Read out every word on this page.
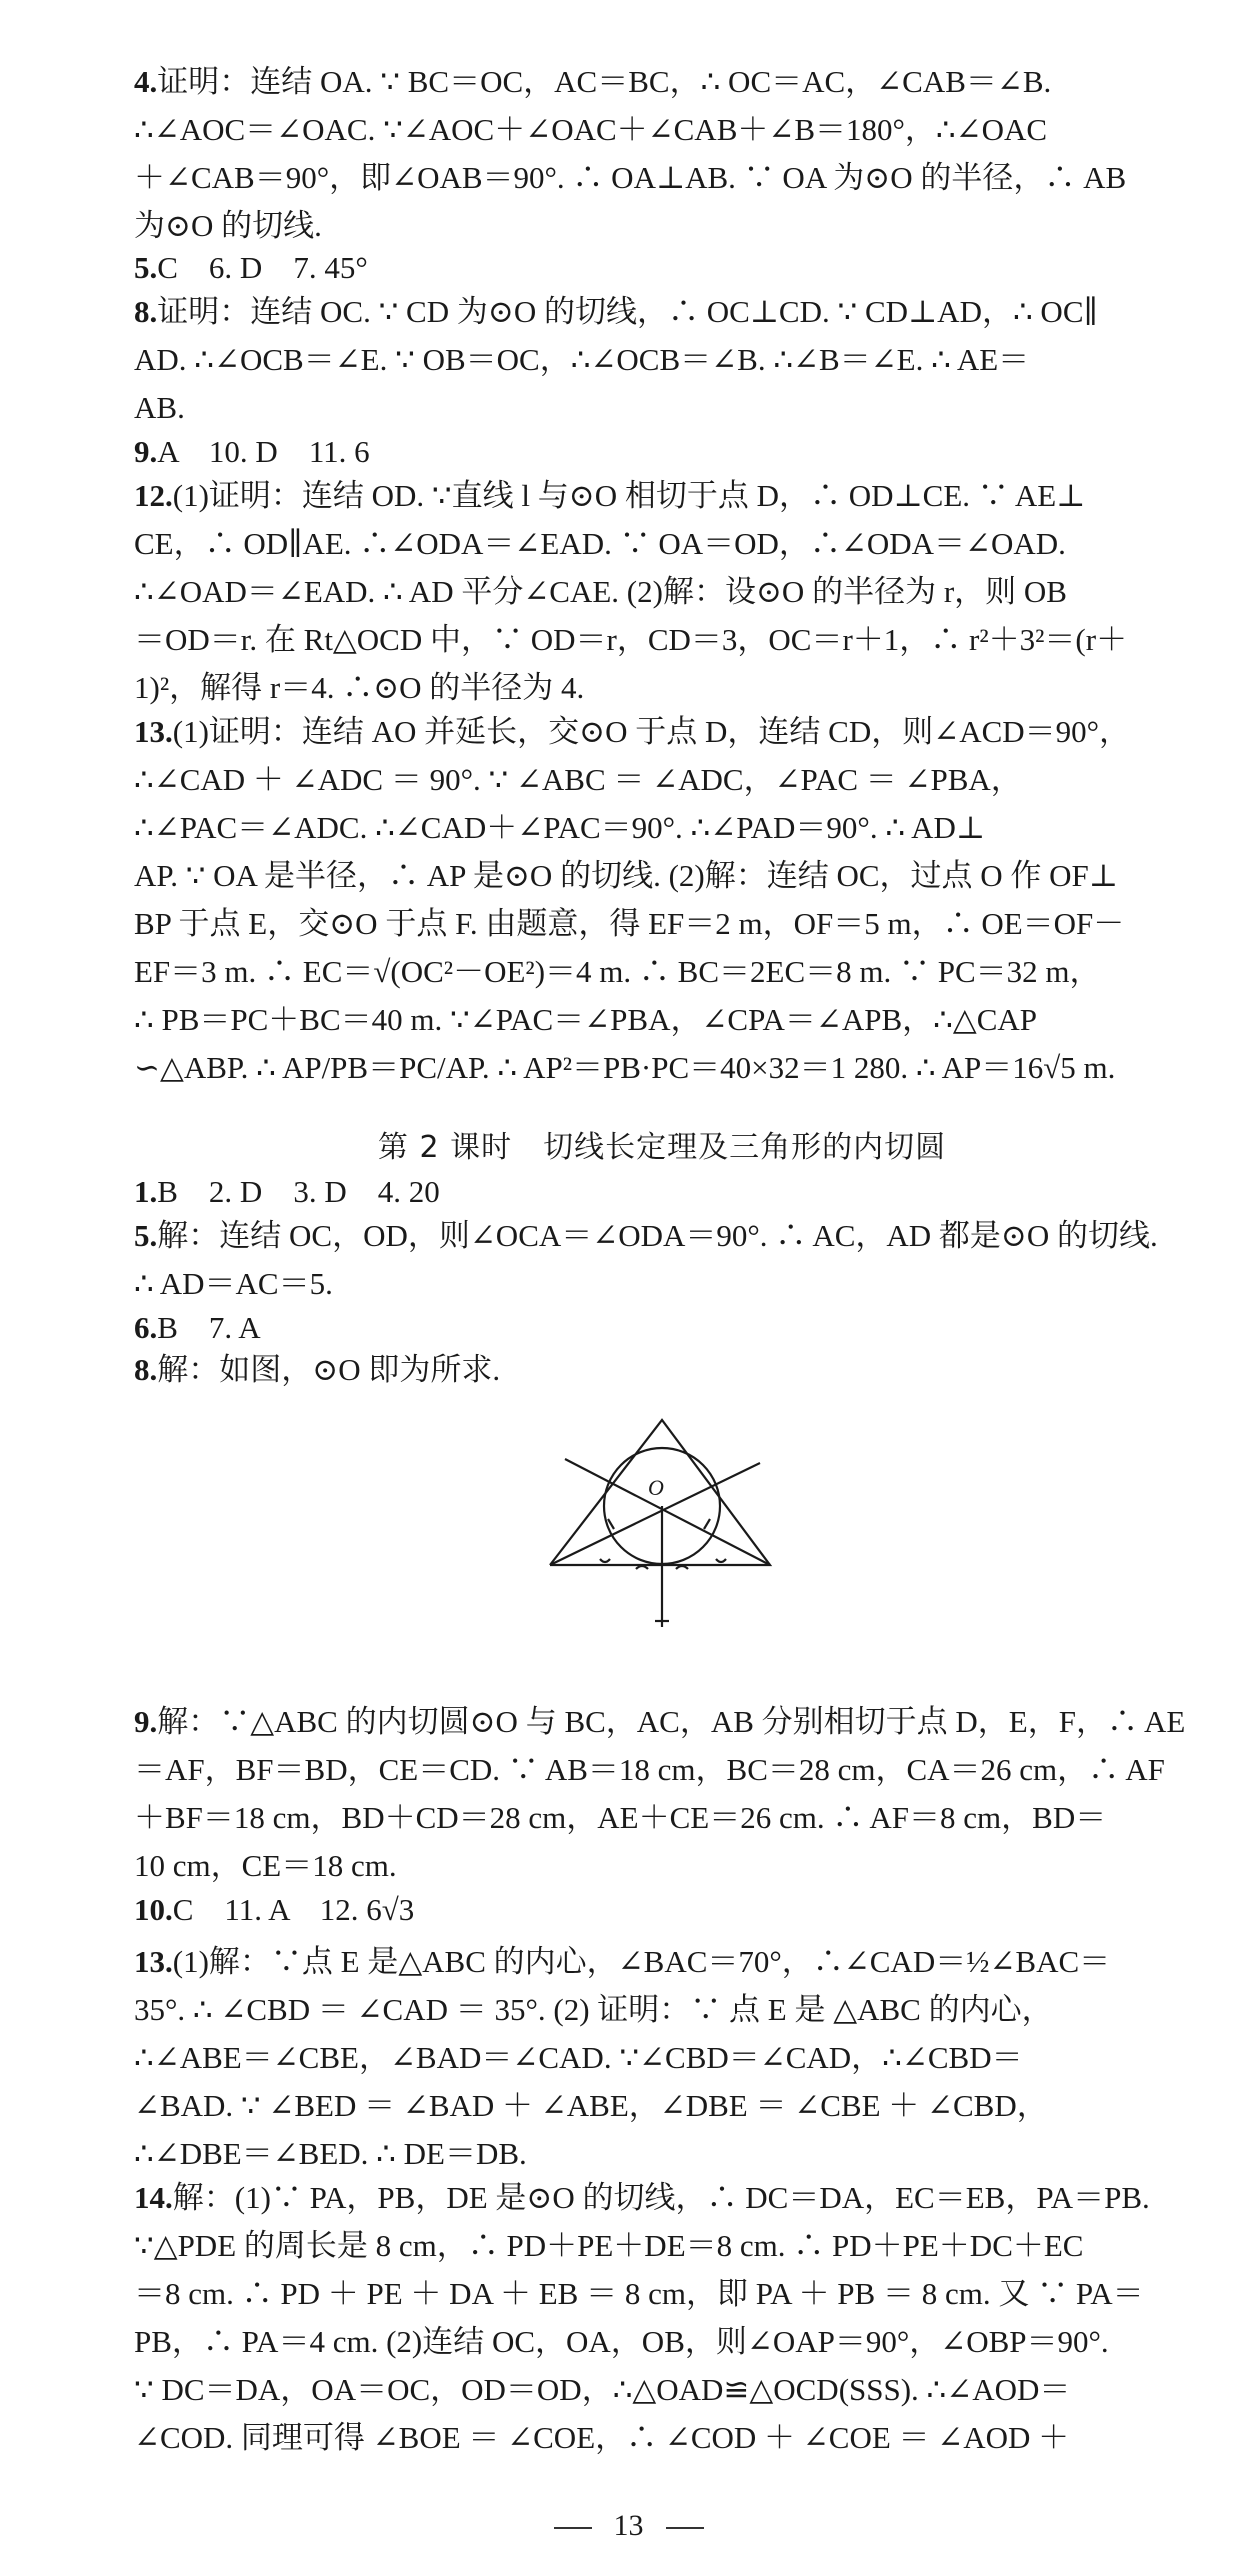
4.证明：连结 OA. ∵ BC＝OC，AC＝BC，∴ OC＝AC，∠CAB＝∠B.
∴∠AOC＝∠OAC. ∵∠AOC＋∠OAC＋∠CAB＋∠B＝180°，∴∠OAC
＋∠CAB＝90°，即∠OAB＝90°. ∴ OA⊥AB. ∵ OA 为⊙O 的半径，∴ AB
为⊙O 的切线.
5.C　6. D　7. 45°
8.证明：连结 OC. ∵ CD 为⊙O 的切线，∴ OC⊥CD. ∵ CD⊥AD，∴ OC∥
AD. ∴∠OCB＝∠E. ∵ OB＝OC，∴∠OCB＝∠B. ∴∠B＝∠E. ∴ AE＝
AB.
9.A　10. D　11. 6
12.(1)证明：连结 OD. ∵直线 l 与⊙O 相切于点 D，∴ OD⊥CE. ∵ AE⊥
CE，∴ OD∥AE. ∴∠ODA＝∠EAD. ∵ OA＝OD，∴∠ODA＝∠OAD.
∴∠OAD＝∠EAD. ∴ AD 平分∠CAE. (2)解：设⊙O 的半径为 r，则 OB
＝OD＝r. 在 Rt△OCD 中，∵ OD＝r，CD＝3，OC＝r＋1，∴ r²＋3²＝(r＋
1)²，解得 r＝4. ∴⊙O 的半径为 4.
13.(1)证明：连结 AO 并延长，交⊙O 于点 D，连结 CD，则∠ACD＝90°，
∴∠CAD ＋ ∠ADC ＝ 90°. ∵ ∠ABC ＝ ∠ADC，∠PAC ＝ ∠PBA，
∴∠PAC＝∠ADC. ∴∠CAD＋∠PAC＝90°. ∴∠PAD＝90°. ∴ AD⊥
AP. ∵ OA 是半径，∴ AP 是⊙O 的切线. (2)解：连结 OC，过点 O 作 OF⊥
BP 于点 E，交⊙O 于点 F. 由题意，得 EF＝2 m，OF＝5 m，∴ OE＝OF－
EF＝3 m. ∴ EC＝√(OC²－OE²)＝4 m. ∴ BC＝2EC＝8 m. ∵ PC＝32 m，
∴ PB＝PC＋BC＝40 m. ∵∠PAC＝∠PBA，∠CPA＝∠APB，∴△CAP
∽△ABP. ∴ AP/PB＝PC/AP. ∴ AP²＝PB·PC＝40×32＝1 280. ∴ AP＝16√5 m.
1.B　2. D　3. D　4. 20
5.解：连结 OC，OD，则∠OCA＝∠ODA＝90°. ∴ AC，AD 都是⊙O 的切线.
∴ AD＝AC＝5.
6.B　7. A
8.解：如图，⊙O 即为所求.
9.解：∵△ABC 的内切圆⊙O 与 BC，AC，AB 分别相切于点 D，E，F，∴ AE
＝AF，BF＝BD，CE＝CD. ∵ AB＝18 cm，BC＝28 cm，CA＝26 cm，∴ AF
＋BF＝18 cm，BD＋CD＝28 cm，AE＋CE＝26 cm. ∴ AF＝8 cm，BD＝
10 cm，CE＝18 cm.
10.C　11. A　12. 6√3
13.(1)解：∵点 E 是△ABC 的内心，∠BAC＝70°，∴∠CAD＝½∠BAC＝
35°. ∴ ∠CBD ＝ ∠CAD ＝ 35°. (2) 证明：∵ 点 E 是 △ABC 的内心，
∴∠ABE＝∠CBE，∠BAD＝∠CAD. ∵∠CBD＝∠CAD，∴∠CBD＝
∠BAD. ∵ ∠BED ＝ ∠BAD ＋ ∠ABE，∠DBE ＝ ∠CBE ＋ ∠CBD，
∴∠DBE＝∠BED. ∴ DE＝DB.
14.解：(1)∵ PA，PB，DE 是⊙O 的切线，∴ DC＝DA，EC＝EB，PA＝PB.
∵△PDE 的周长是 8 cm，∴ PD＋PE＋DE＝8 cm. ∴ PD＋PE＋DC＋EC
＝8 cm. ∴ PD ＋ PE ＋ DA ＋ EB ＝ 8 cm，即 PA ＋ PB ＝ 8 cm. 又 ∵ PA＝
PB，∴ PA＝4 cm. (2)连结 OC，OA，OB，则∠OAP＝90°，∠OBP＝90°.
∵ DC＝DA，OA＝OC，OD＝OD，∴△OAD≌△OCD(SSS). ∴∠AOD＝
∠COD. 同理可得 ∠BOE ＝ ∠COE，∴ ∠COD ＋ ∠COE ＝ ∠AOD ＋
第 2 课时　切线长定理及三角形的内切圆
O
13
